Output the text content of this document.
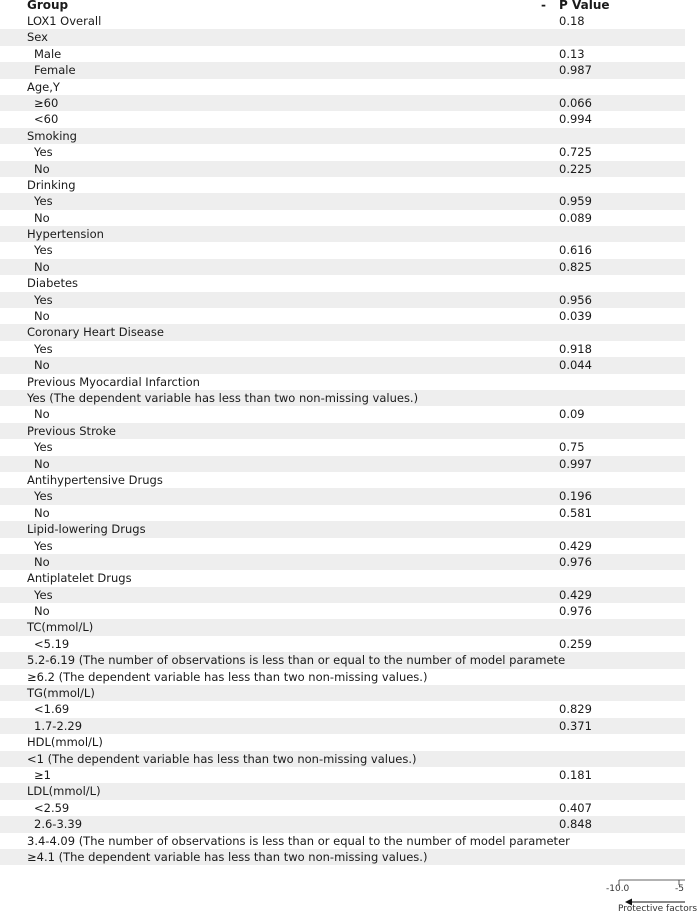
Group	- P Value
LOX1 Overall	0.18
Sex
Male	0.13
Female	0.987
Age,Y
≥60	0.066
<60	0.994
Smoking
Yes	0.725
No	0.225
Drinking
Yes	0.959
No	0.089
Hypertension
Yes	0.616
No	0.825
Diabetes
Yes	0.956
No	0.039
Coronary Heart Disease
Yes	0.918
No	0.044
Previous Myocardial Infarction
Yes (The dependent variable has less than two non-missing values.)
No	0.09
Previous Stroke
Yes	0.75
No	0.997
Antihypertensive Drugs
Yes	0.196
No	0.581
Lipid-lowering Drugs
Yes	0.429
No	0.976
Antiplatelet Drugs
Yes	0.429
No	0.976
TC(mmol/L)
<5.19	0.259
5.2-6.19 (The number of observations is less than or equal to the number of model paramete
≥6.2 (The dependent variable has less than two non-missing values.)
TG(mmol/L)
<1.69	0.829
1.7-2.29	0.371
HDL(mmol/L)
<1 (The dependent variable has less than two non-missing values.)
≥1	0.181
LDL(mmol/L)
<2.59	0.407
2.6-3.39	0.848
3.4-4.09 (The number of observations is less than or equal to the number of model parameter
≥4.1 (The dependent variable has less than two non-missing values.)
-10.0	-5
Protective factors
